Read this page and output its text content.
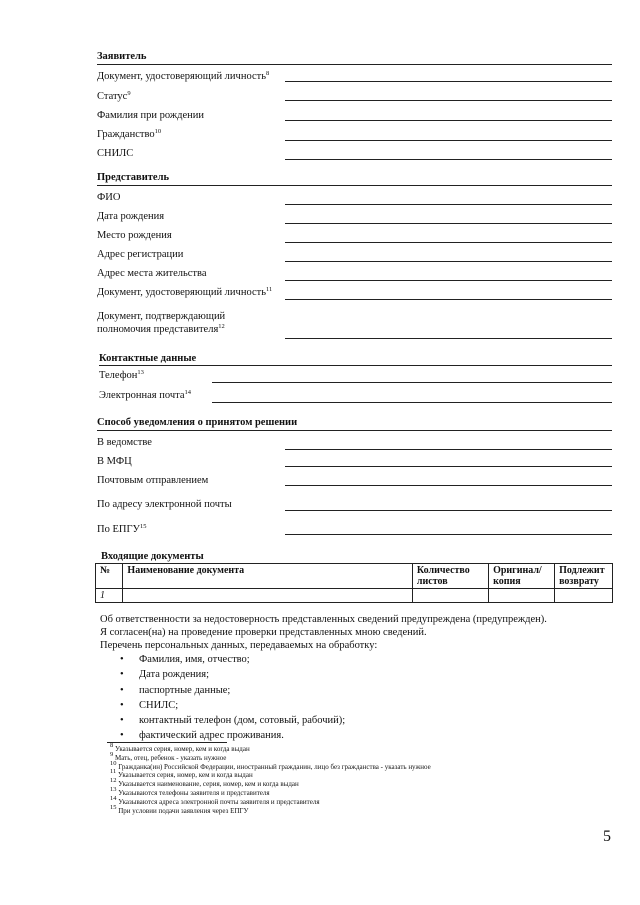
Заявитель
Документ, удостоверяющий личность$^8$
Статус$^9$
Фамилия при рождении
Гражданство$^{10}$
СНИЛС
Представитель
ФИО
Дата рождения
Место рождения
Адрес регистрации
Адрес места жительства
Документ, удостоверяющий личность$^{11}$
Документ, подтверждающий
полномочия представителя$^{12}$
Контактные данные
Телефон$^{13}$
Электронная почта$^{14}$
Способ уведомления о принятом решении
В ведомстве
В МФЦ
Почтовым отправлением
По адресу электронной почты
По ЕПГУ$^{15}$
Входящие документы
№	Наименование документа	Количество листов	Оригинал/ копия	Подлежит возврату
1				
Об ответственности за недостоверность представленных сведений предупреждена (предупрежден).
Я согласен(на) на проведение проверки представленных мною сведений.
Перечень персональных данных, передаваемых на обработку:
• Фамилия, имя, отчество;
• Дата рождения;
• паспортные данные;
• СНИЛС;
• контактный телефон (дом, сотовый, рабочий);
• фактический адрес проживания.
$^8$ Указывается серия, номер, кем и когда выдан
$^9$ Мать, отец, ребенок - указать нужное
$^{10}$ Гражданка(ин) Российской Федерации, иностранный гражданин, лицо без гражданства - указать нужное
$^{11}$ Указывается серия, номер, кем и когда выдан
$^{12}$ Указывается наименование, серия, номер, кем и когда выдан
$^{13}$ Указываются телефоны заявителя и представителя
$^{14}$ Указываются адреса электронной почты заявителя и представителя
$^{15}$ При условии подачи заявления через ЕПГУ
5
